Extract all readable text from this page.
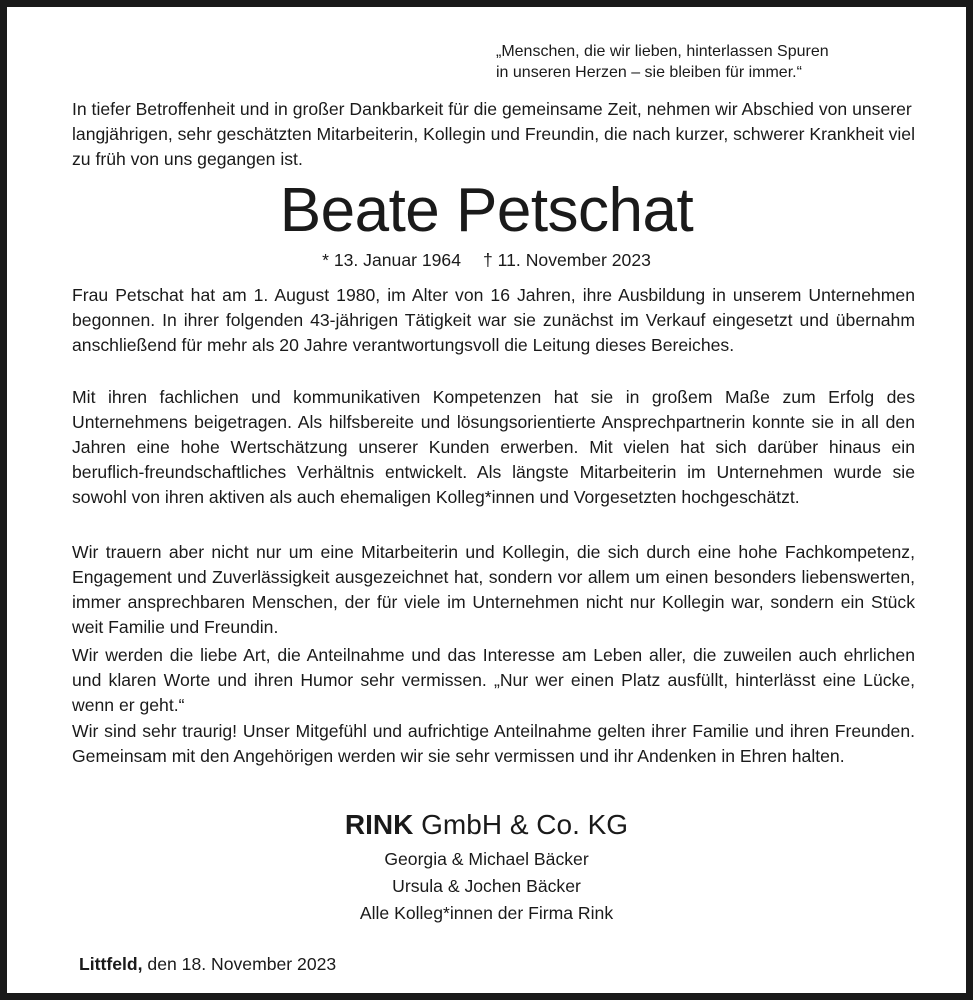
„Menschen, die wir lieben, hinterlassen Spuren
in unseren Herzen – sie bleiben für immer.“

In tiefer Betroffenheit und in großer Dankbarkeit für die gemeinsame Zeit, nehmen wir Abschied von unserer langjährigen, sehr geschätzten Mitarbeiterin, Kollegin und Freundin, die nach kurzer, schwerer Krankheit viel zu früh von uns gegangen ist.

Beate Petschat
* 13. Januar 1964 † 11. November 2023

Frau Petschat hat am 1. August 1980, im Alter von 16 Jahren, ihre Ausbildung in unserem Unternehmen begonnen. In ihrer folgenden 43-jährigen Tätigkeit war sie zunächst im Verkauf eingesetzt und übernahm anschließend für mehr als 20 Jahre verantwortungsvoll die Leitung dieses Bereiches.

Mit ihren fachlichen und kommunikativen Kompetenzen hat sie in großem Maße zum Erfolg des Unternehmens beigetragen. Als hilfsbereite und lösungsorientierte Ansprechpartnerin konnte sie in all den Jahren eine hohe Wertschätzung unserer Kunden erwerben. Mit vielen hat sich darüber hinaus ein beruflich-freundschaftliches Verhältnis entwickelt. Als längste Mitarbeiterin im Unternehmen wurde sie sowohl von ihren aktiven als auch ehemaligen Kolleg*innen und Vorgesetzten hochgeschätzt.

Wir trauern aber nicht nur um eine Mitarbeiterin und Kollegin, die sich durch eine hohe Fachkompetenz, Engagement und Zuverlässigkeit ausgezeichnet hat, sondern vor allem um einen besonders liebenswerten, immer ansprechbaren Menschen, der für viele im Unternehmen nicht nur Kollegin war, sondern ein Stück weit Familie und Freundin.

Wir werden die liebe Art, die Anteilnahme und das Interesse am Leben aller, die zuweilen auch ehrlichen und klaren Worte und ihren Humor sehr vermissen. „Nur wer einen Platz ausfüllt, hinterlässt eine Lücke, wenn er geht.“

Wir sind sehr traurig! Unser Mitgefühl und aufrichtige Anteilnahme gelten ihrer Familie und ihren Freunden. Gemeinsam mit den Angehörigen werden wir sie sehr vermissen und ihr Andenken in Ehren halten.

RINK GmbH & Co. KG
Georgia & Michael Bäcker
Ursula & Jochen Bäcker
Alle Kolleg*innen der Firma Rink
Littfeld, den 18. November 2023
